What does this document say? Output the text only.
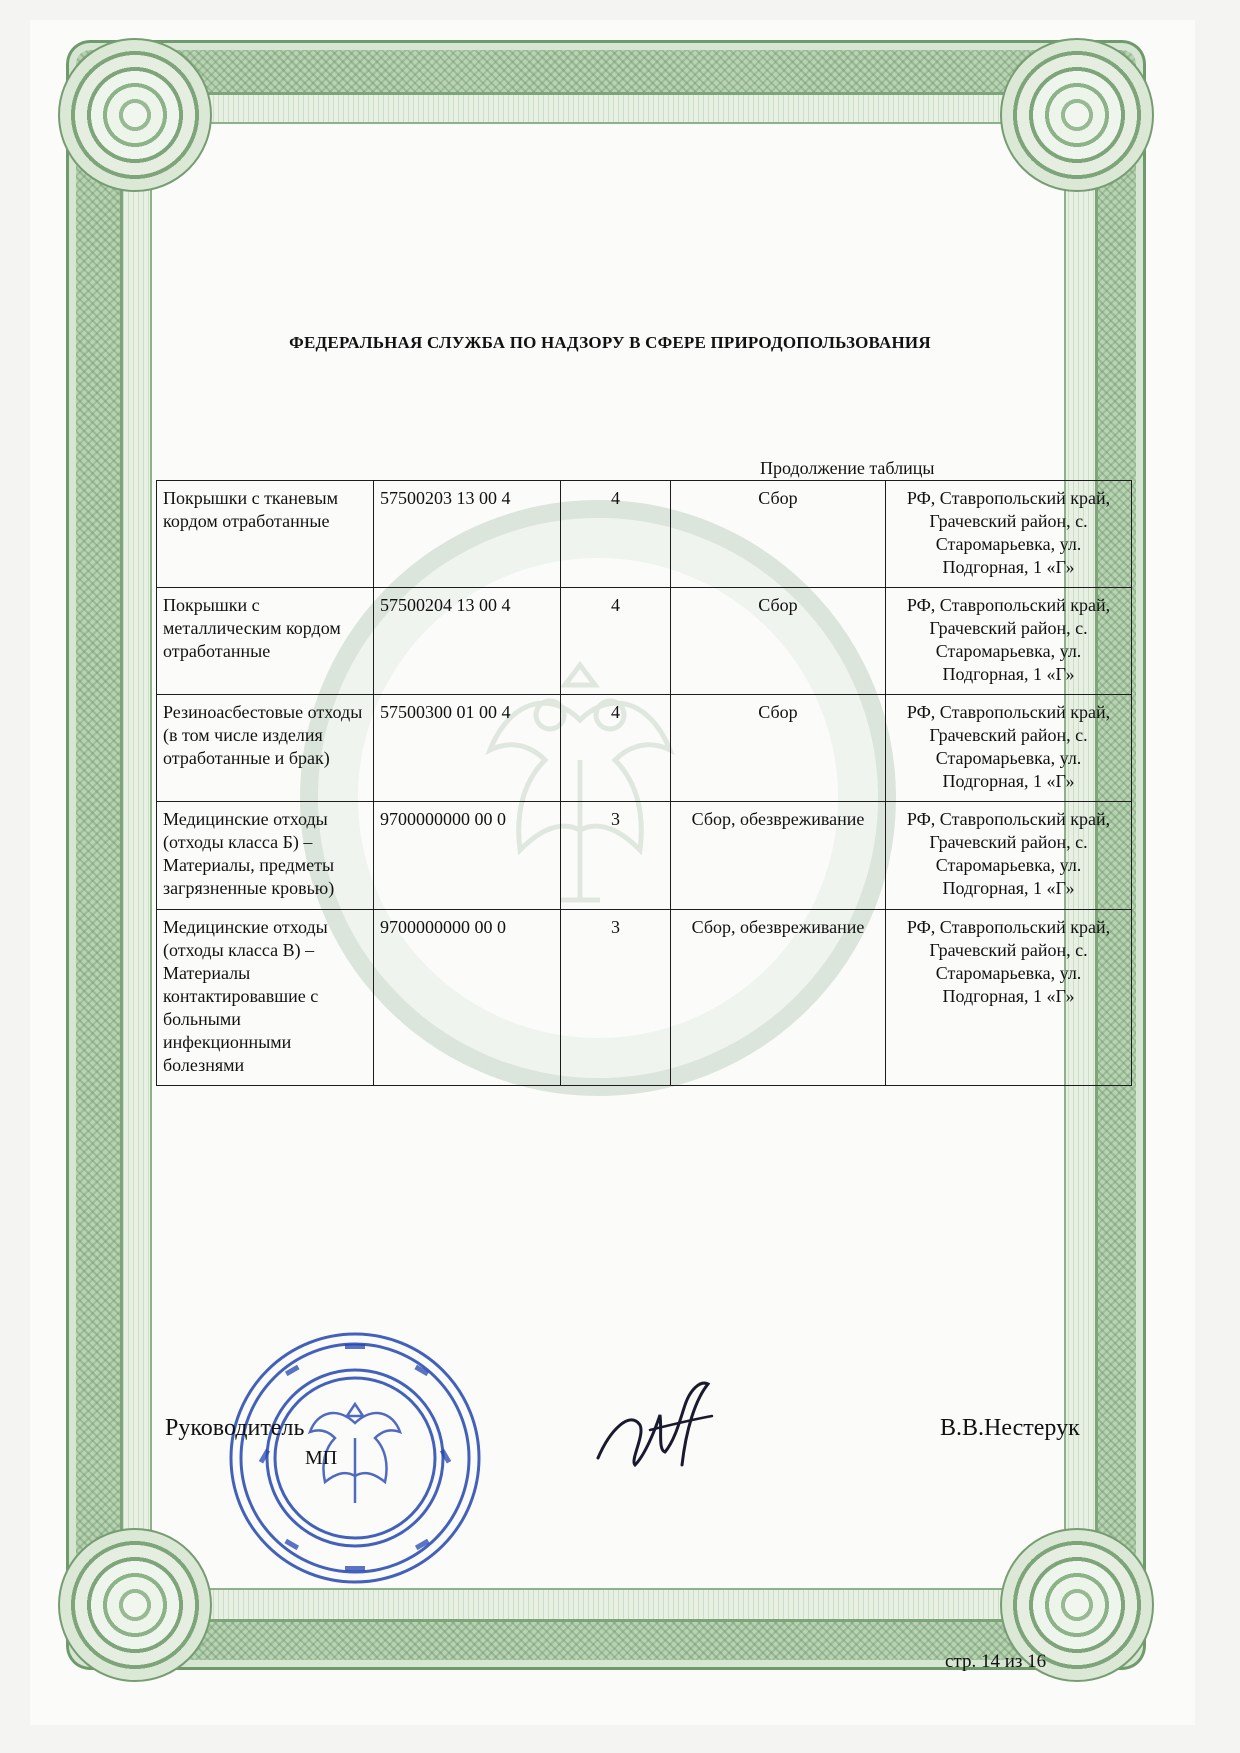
ФЕДЕРАЛЬНАЯ СЛУЖБА ПО НАДЗОРУ В СФЕРЕ ПРИРОДОПОЛЬЗОВАНИЯ
Продолжение таблицы
Покрышки с тканевым кордом отработанные	57500203 13 00 4	4	Сбор	РФ, Ставропольский край, Грачевский район, с. Старомарьевка, ул. Подгорная, 1 «Г»
Покрышки с металлическим кордом отработанные	57500204 13 00 4	4	Сбор	РФ, Ставропольский край, Грачевский район, с. Старомарьевка, ул. Подгорная, 1 «Г»
Резиноасбестовые отходы (в том числе изделия отработанные и брак)	57500300 01 00 4	4	Сбор	РФ, Ставропольский край, Грачевский район, с. Старомарьевка, ул. Подгорная, 1 «Г»
Медицинские отходы (отходы класса Б) – Материалы, предметы загрязненные кровью)	9700000000 00 0	3	Сбор, обезвреживание	РФ, Ставропольский край, Грачевский район, с. Старомарьевка, ул. Подгорная, 1 «Г»
Медицинские отходы (отходы класса В) – Материалы контактировавшие с больными инфекционными болезнями	9700000000 00 0	3	Сбор, обезвреживание	РФ, Ставропольский край, Грачевский район, с. Старомарьевка, ул. Подгорная, 1 «Г»
Руководитель
МП
В.В.Нестерук
стр. 14 из 16
